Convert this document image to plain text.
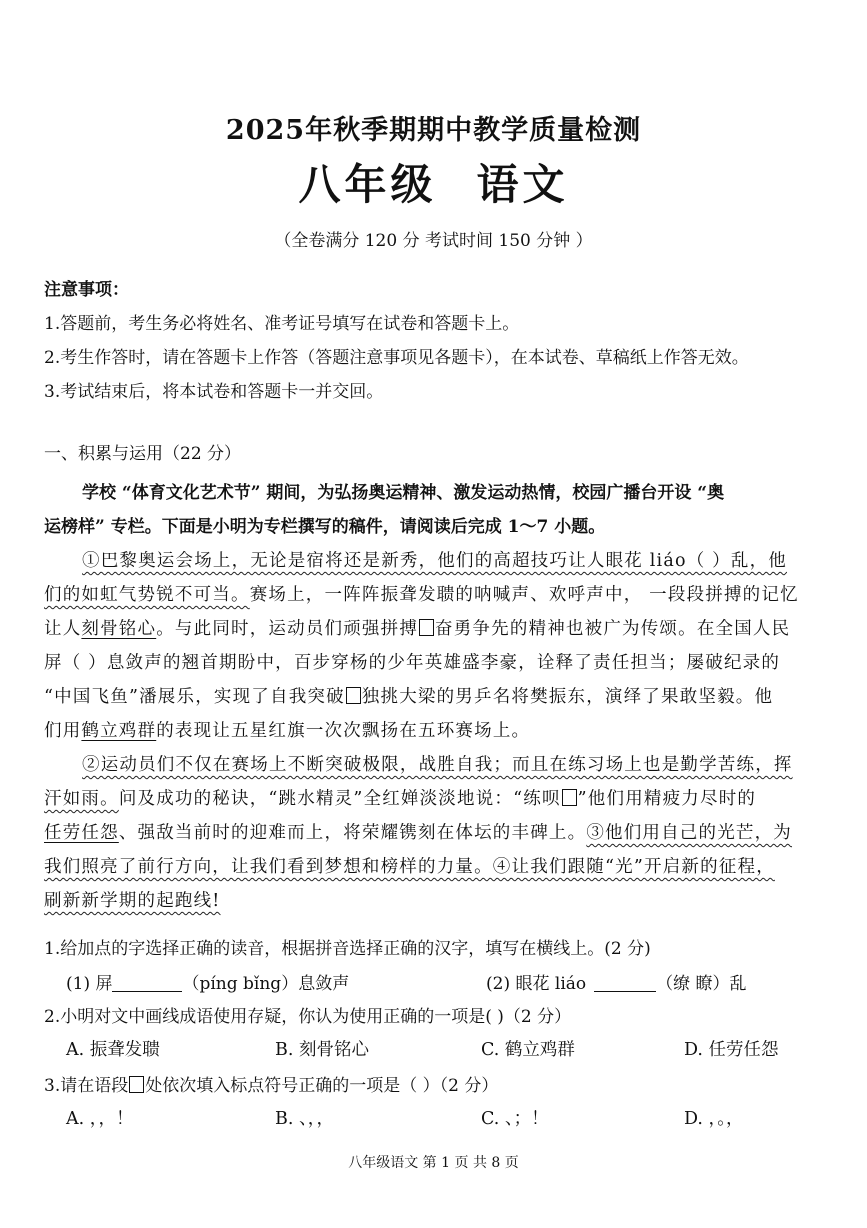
2025年秋季期期中教学质量检测
八年级 语文
（全卷满分 120 分 考试时间 150 分钟 ）
注意事项：
1.答题前，考生务必将姓名、准考证号填写在试卷和答题卡上。
2.考生作答时，请在答题卡上作答（答题注意事项见各题卡），在本试卷、草稿纸上作答无效。
3.考试结束后，将本试卷和答题卡一并交回。
一、积累与运用（22 分）
学校 “体育文化艺术节” 期间，为弘扬奥运精神、激发运动热情，校园广播台开设 “奥
运榜样” 专栏。下面是小明为专栏撰写的稿件，请阅读后完成 1～7 小题。
①巴黎奥运会场上，无论是宿将还是新秀，他们的高超技巧让人眼花 liáo（ ）乱，他
们的如虹气势锐不可当。赛场上，一阵阵振聋发聩的呐喊声、欢呼声中， 一段段拼搏的记忆
让人刻骨铭心。与此同时，运动员们顽强拼搏 奋勇争先的精神也被广为传颂。在全国人民
屏（ ）息敛声的翘首期盼中，百步穿杨的少年英雄盛李豪，诠释了责任担当；屡破纪录的
“中国飞鱼”潘展乐，实现了自我突破 独挑大梁的男乒名将樊振东，演绎了果敢坚毅。他
们用鹤立鸡群的表现让五星红旗一次次飘扬在五环赛场上。
②运动员们不仅在赛场上不断突破极限，战胜自我；而且在练习场上也是勤学苦练，挥
汗如雨。问及成功的秘诀，“跳水精灵”全红婵淡淡地说：“练呗 ”他们用精疲力尽时的
任劳任怨、强敌当前时的迎难而上，将荣耀镌刻在体坛的丰碑上。③他们用自己的光芒，为
我们照亮了前行方向，让我们看到梦想和榜样的力量。④让我们跟随“光”开启新的征程，
刷新新学期的起跑线!
1.给加点的字选择正确的读音，根据拼音选择正确的汉字，填写在横线上。(2 分)
(1) 屏	（píng bǐng）息敛声	(2) 眼花 liáo	（缭 瞭）乱
2.小明对文中画线成语使用存疑，你认为使用正确的一项是( )（2 分）
A. 振聋发聩	B. 刻骨铭心	C. 鹤立鸡群	D. 任劳任怨
3.请在语段 处依次填入标点符号正确的一项是（ ）（2 分）
A. ，，！	B. 、，，	C. 、；！	D. ，。，
八年级语文 第 1 页 共 8 页
